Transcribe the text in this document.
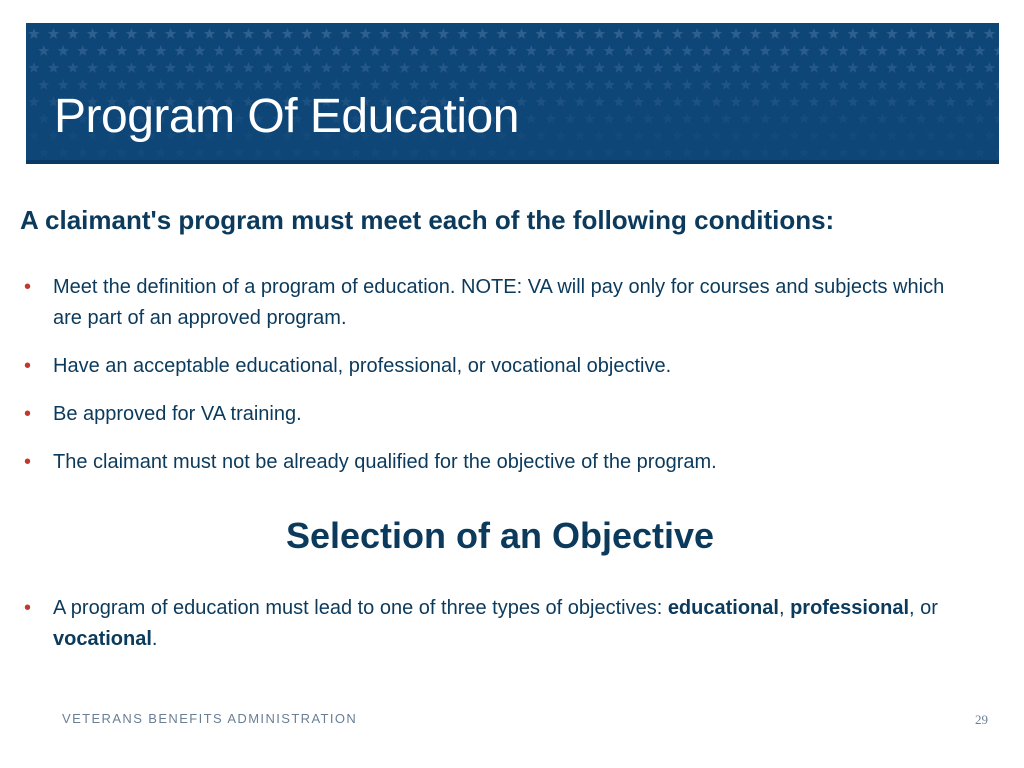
Program Of Education
A claimant's program must meet each of the following conditions:
• Meet the definition of a program of education. NOTE: VA will pay only for courses and subjects which are part of an approved program.
• Have an acceptable educational, professional, or vocational objective.
• Be approved for VA training.
• The claimant must not be already qualified for the objective of the program.
Selection of an Objective
• A program of education must lead to one of three types of objectives: educational, professional, or vocational.
VETERANS BENEFITS ADMINISTRATION	29
